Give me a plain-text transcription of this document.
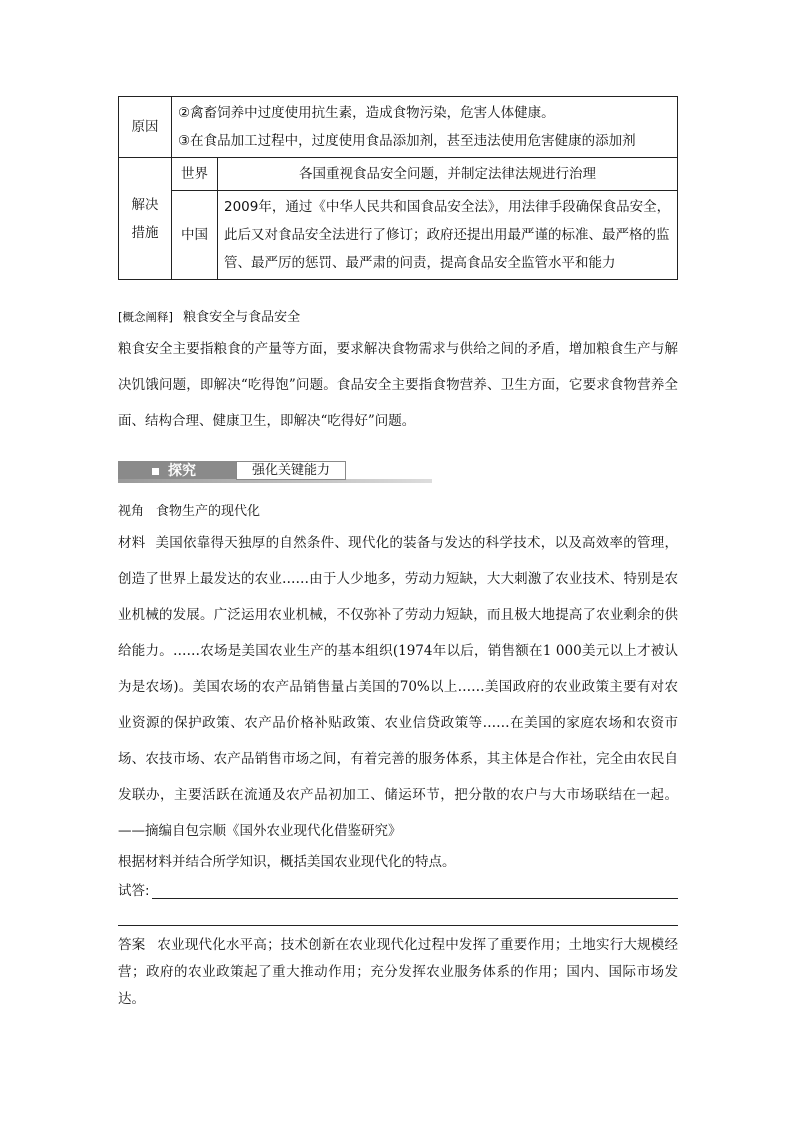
原因	②禽畜饲养中过度使用抗生素，造成食物污染，危害人体健康。
③在食品加工过程中，过度使用食品添加剂，甚至违法使用危害健康的添加剂	

解决措施	世界	各国重视食品安全问题，并制定法律法规进行治理
	中国	2009年，通过《中华人民共和国食品安全法》，用法律手段确保食品安全，此后又对食品安全法进行了修订；政府还提出用最严谨的标准、最严格的监管、最严厉的惩罚、最严肃的问责，提高食品安全监管水平和能力
[概念阐释] 粮食安全与食品安全
粮食安全主要指粮食的产量等方面，要求解决食物需求与供给之间的矛盾，增加粮食生产与解决饥饿问题，即解决“吃得饱”问题。食品安全主要指食物营养、卫生方面，它要求食物营养全面、结构合理、健康卫生，即解决“吃得好”问题。
探究	强化关键能力
视角 食物生产的现代化
材料 美国依靠得天独厚的自然条件、现代化的装备与发达的科学技术，以及高效率的管理，创造了世界上最发达的农业……由于人少地多，劳动力短缺，大大刺激了农业技术、特别是农业机械的发展。广泛运用农业机械，不仅弥补了劳动力短缺，而且极大地提高了农业剩余的供给能力。……农场是美国农业生产的基本组织(1974年以后，销售额在1 000美元以上才被认为是农场)。美国农场的农产品销售量占美国的70%以上……美国政府的农业政策主要有对农业资源的保护政策、农产品价格补贴政策、农业信贷政策等……在美国的家庭农场和农资市场、农技市场、农产品销售市场之间，有着完善的服务体系，其主体是合作社，完全由农民自发联办，主要活跃在流通及农产品初加工、储运环节，把分散的农户与大市场联结在一起。——摘编自包宗顺《国外农业现代化借鉴研究》
根据材料并结合所学知识，概括美国农业现代化的特点。
试答:
答案 农业现代化水平高；技术创新在农业现代化过程中发挥了重要作用；土地实行大规模经营；政府的农业政策起了重大推动作用；充分发挥农业服务体系的作用；国内、国际市场发达。
